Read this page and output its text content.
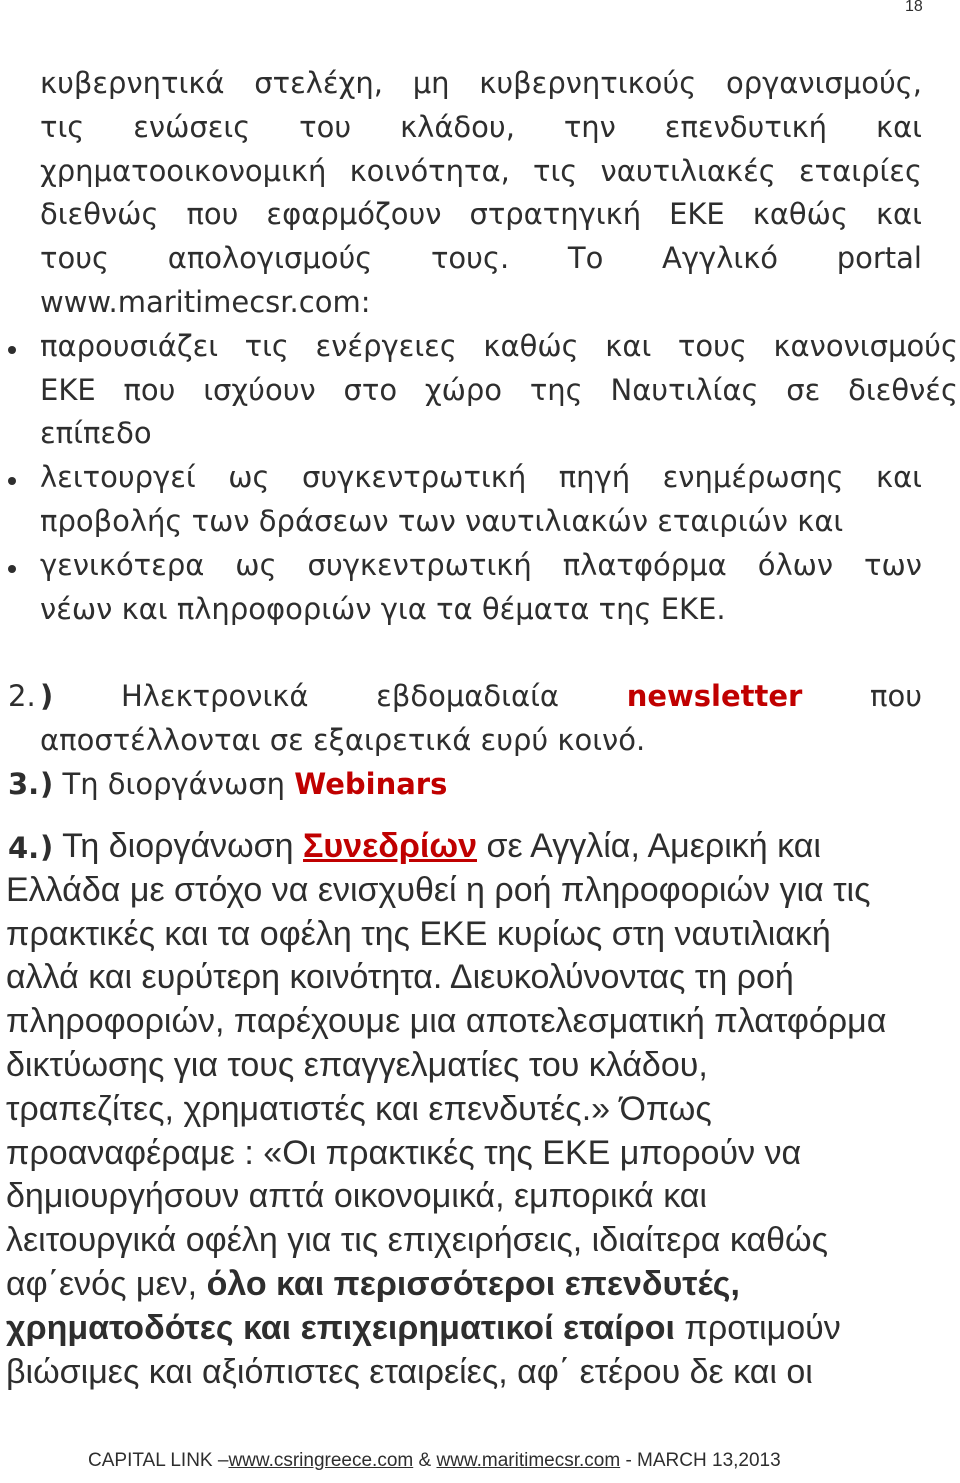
18
κυβερνητικά στελέχη, μη κυβερνητικούς οργανισμούς,
τις ενώσεις του κλάδου, την επενδυτική και
χρηματοοικονομική κοινότητα, τις ναυτιλιακές εταιρίες
διεθνώς που εφαρμόζουν στρατηγική ΕΚΕ καθώς και
τους απολογισμούς τους. Το Αγγλικό portal
www.maritimecsr.com:
παρουσιάζει τις ενέργειες καθώς και τους κανονισμούς
ΕΚΕ που ισχύουν στο χώρο της Ναυτιλίας σε διεθνές
επίπεδο
λειτουργεί ως συγκεντρωτική πηγή ενημέρωσης και
προβολής των δράσεων των ναυτιλιακών εταιριών και
γενικότερα ως συγκεντρωτική πλατφόρμα όλων των
νέων και πληροφοριών για τα θέματα της ΕΚΕ.
2. ) Ηλεκτρονικά εβδομαδιαία newsletter που
αποστέλλονται σε εξαιρετικά ευρύ κοινό.
3. ) Τη διοργάνωση Webinars
4. ) Τη διοργάνωση Συνεδρίων σε Αγγλία, Αμερική και
Ελλάδα με στόχο να ενισχυθεί η ροή πληροφοριών για τις
πρακτικές και τα οφέλη της ΕΚΕ κυρίως στη ναυτιλιακή
αλλά και ευρύτερη κοινότητα. Διευκολύνοντας τη ροή
πληροφοριών, παρέχουμε μια αποτελεσματική πλατφόρμα
δικτύωσης για τους επαγγελματίες του κλάδου,
τραπεζίτες, χρηματιστές και επενδυτές.» Όπως
προαναφέραμε : «Οι πρακτικές της ΕΚΕ μπορούν να
δημιουργήσουν απτά οικονομικά, εμπορικά και
λειτουργικά οφέλη για τις επιχειρήσεις, ιδιαίτερα καθώς
αφ΄ενός μεν, όλο και περισσότεροι επενδυτές,
χρηματοδότες και επιχειρηματικοί εταίροι προτιμούν
βιώσιμες και αξιόπιστες εταιρείες, αφ΄ ετέρου δε και οι
CAPITAL LINK –www.csringreece.com & www.maritimecsr.com - MARCH 13,2013
